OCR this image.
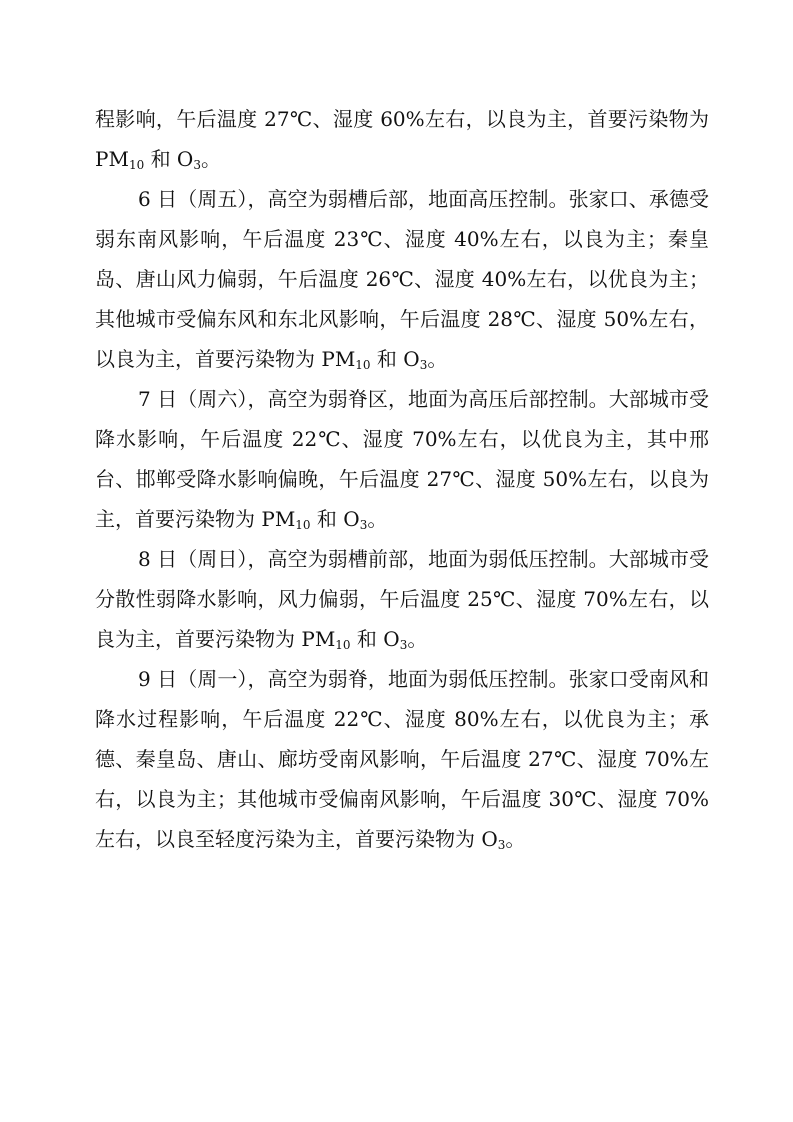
程影响，午后温度 27℃、湿度 60%左右，以良为主，首要污染物为 $PM_{10}$ 和 $O_3$。

6 日（周五），高空为弱槽后部，地面高压控制。张家口、承德受弱东南风影响，午后温度 23℃、湿度 40%左右，以良为主；秦皇岛、唐山风力偏弱，午后温度 26℃、湿度 40%左右，以优良为主；其他城市受偏东风和东北风影响，午后温度 28℃、湿度 50%左右，以良为主，首要污染物为 $PM_{10}$ 和 $O_3$。

7 日（周六），高空为弱脊区，地面为高压后部控制。大部城市受降水影响，午后温度 22℃、湿度 70%左右，以优良为主，其中邢台、邯郸受降水影响偏晚，午后温度 27℃、湿度 50%左右，以良为主，首要污染物为 $PM_{10}$ 和 $O_3$。

8 日（周日），高空为弱槽前部，地面为弱低压控制。大部城市受分散性弱降水影响，风力偏弱，午后温度 25℃、湿度 70%左右，以良为主，首要污染物为 $PM_{10}$ 和 $O_3$。

9 日（周一），高空为弱脊，地面为弱低压控制。张家口受南风和降水过程影响，午后温度 22℃、湿度 80%左右，以优良为主；承德、秦皇岛、唐山、廊坊受南风影响，午后温度 27℃、湿度 70%左右，以良为主；其他城市受偏南风影响，午后温度 30℃、湿度 70%左右，以良至轻度污染为主，首要污染物为 $O_3$。
